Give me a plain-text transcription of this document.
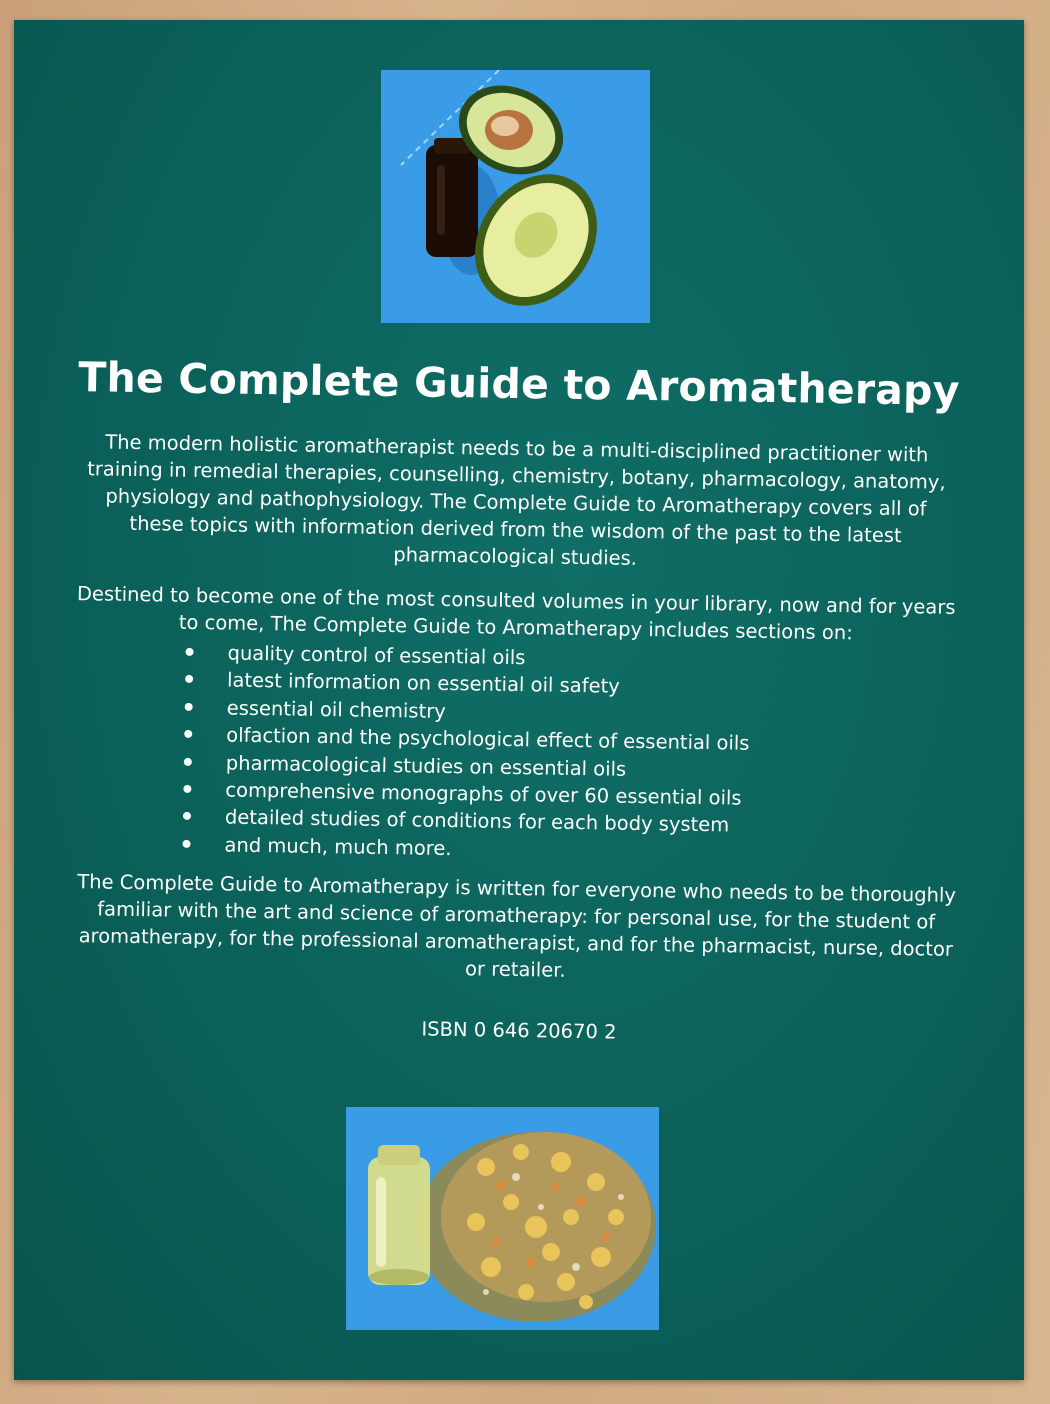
The Complete Guide to Aromatherapy
The modern holistic aromatherapist needs to be a multi-disciplined practitioner with training in remedial therapies, counselling, chemistry, botany, pharmacology, anatomy, physiology and pathophysiology. The Complete Guide to Aromatherapy covers all of these topics with information derived from the wisdom of the past to the latest pharmacological studies.
Destined to become one of the most consulted volumes in your library, now and for years to come, The Complete Guide to Aromatherapy includes sections on:
quality control of essential oils
latest information on essential oil safety
essential oil chemistry
olfaction and the psychological effect of essential oils
pharmacological studies on essential oils
comprehensive monographs of over 60 essential oils
detailed studies of conditions for each body system
and much, much more.
The Complete Guide to Aromatherapy is written for everyone who needs to be thoroughly familiar with the art and science of aromatherapy: for personal use, for the student of aromatherapy, for the professional aromatherapist, and for the pharmacist, nurse, doctor or retailer.
ISBN 0 646 20670 2
